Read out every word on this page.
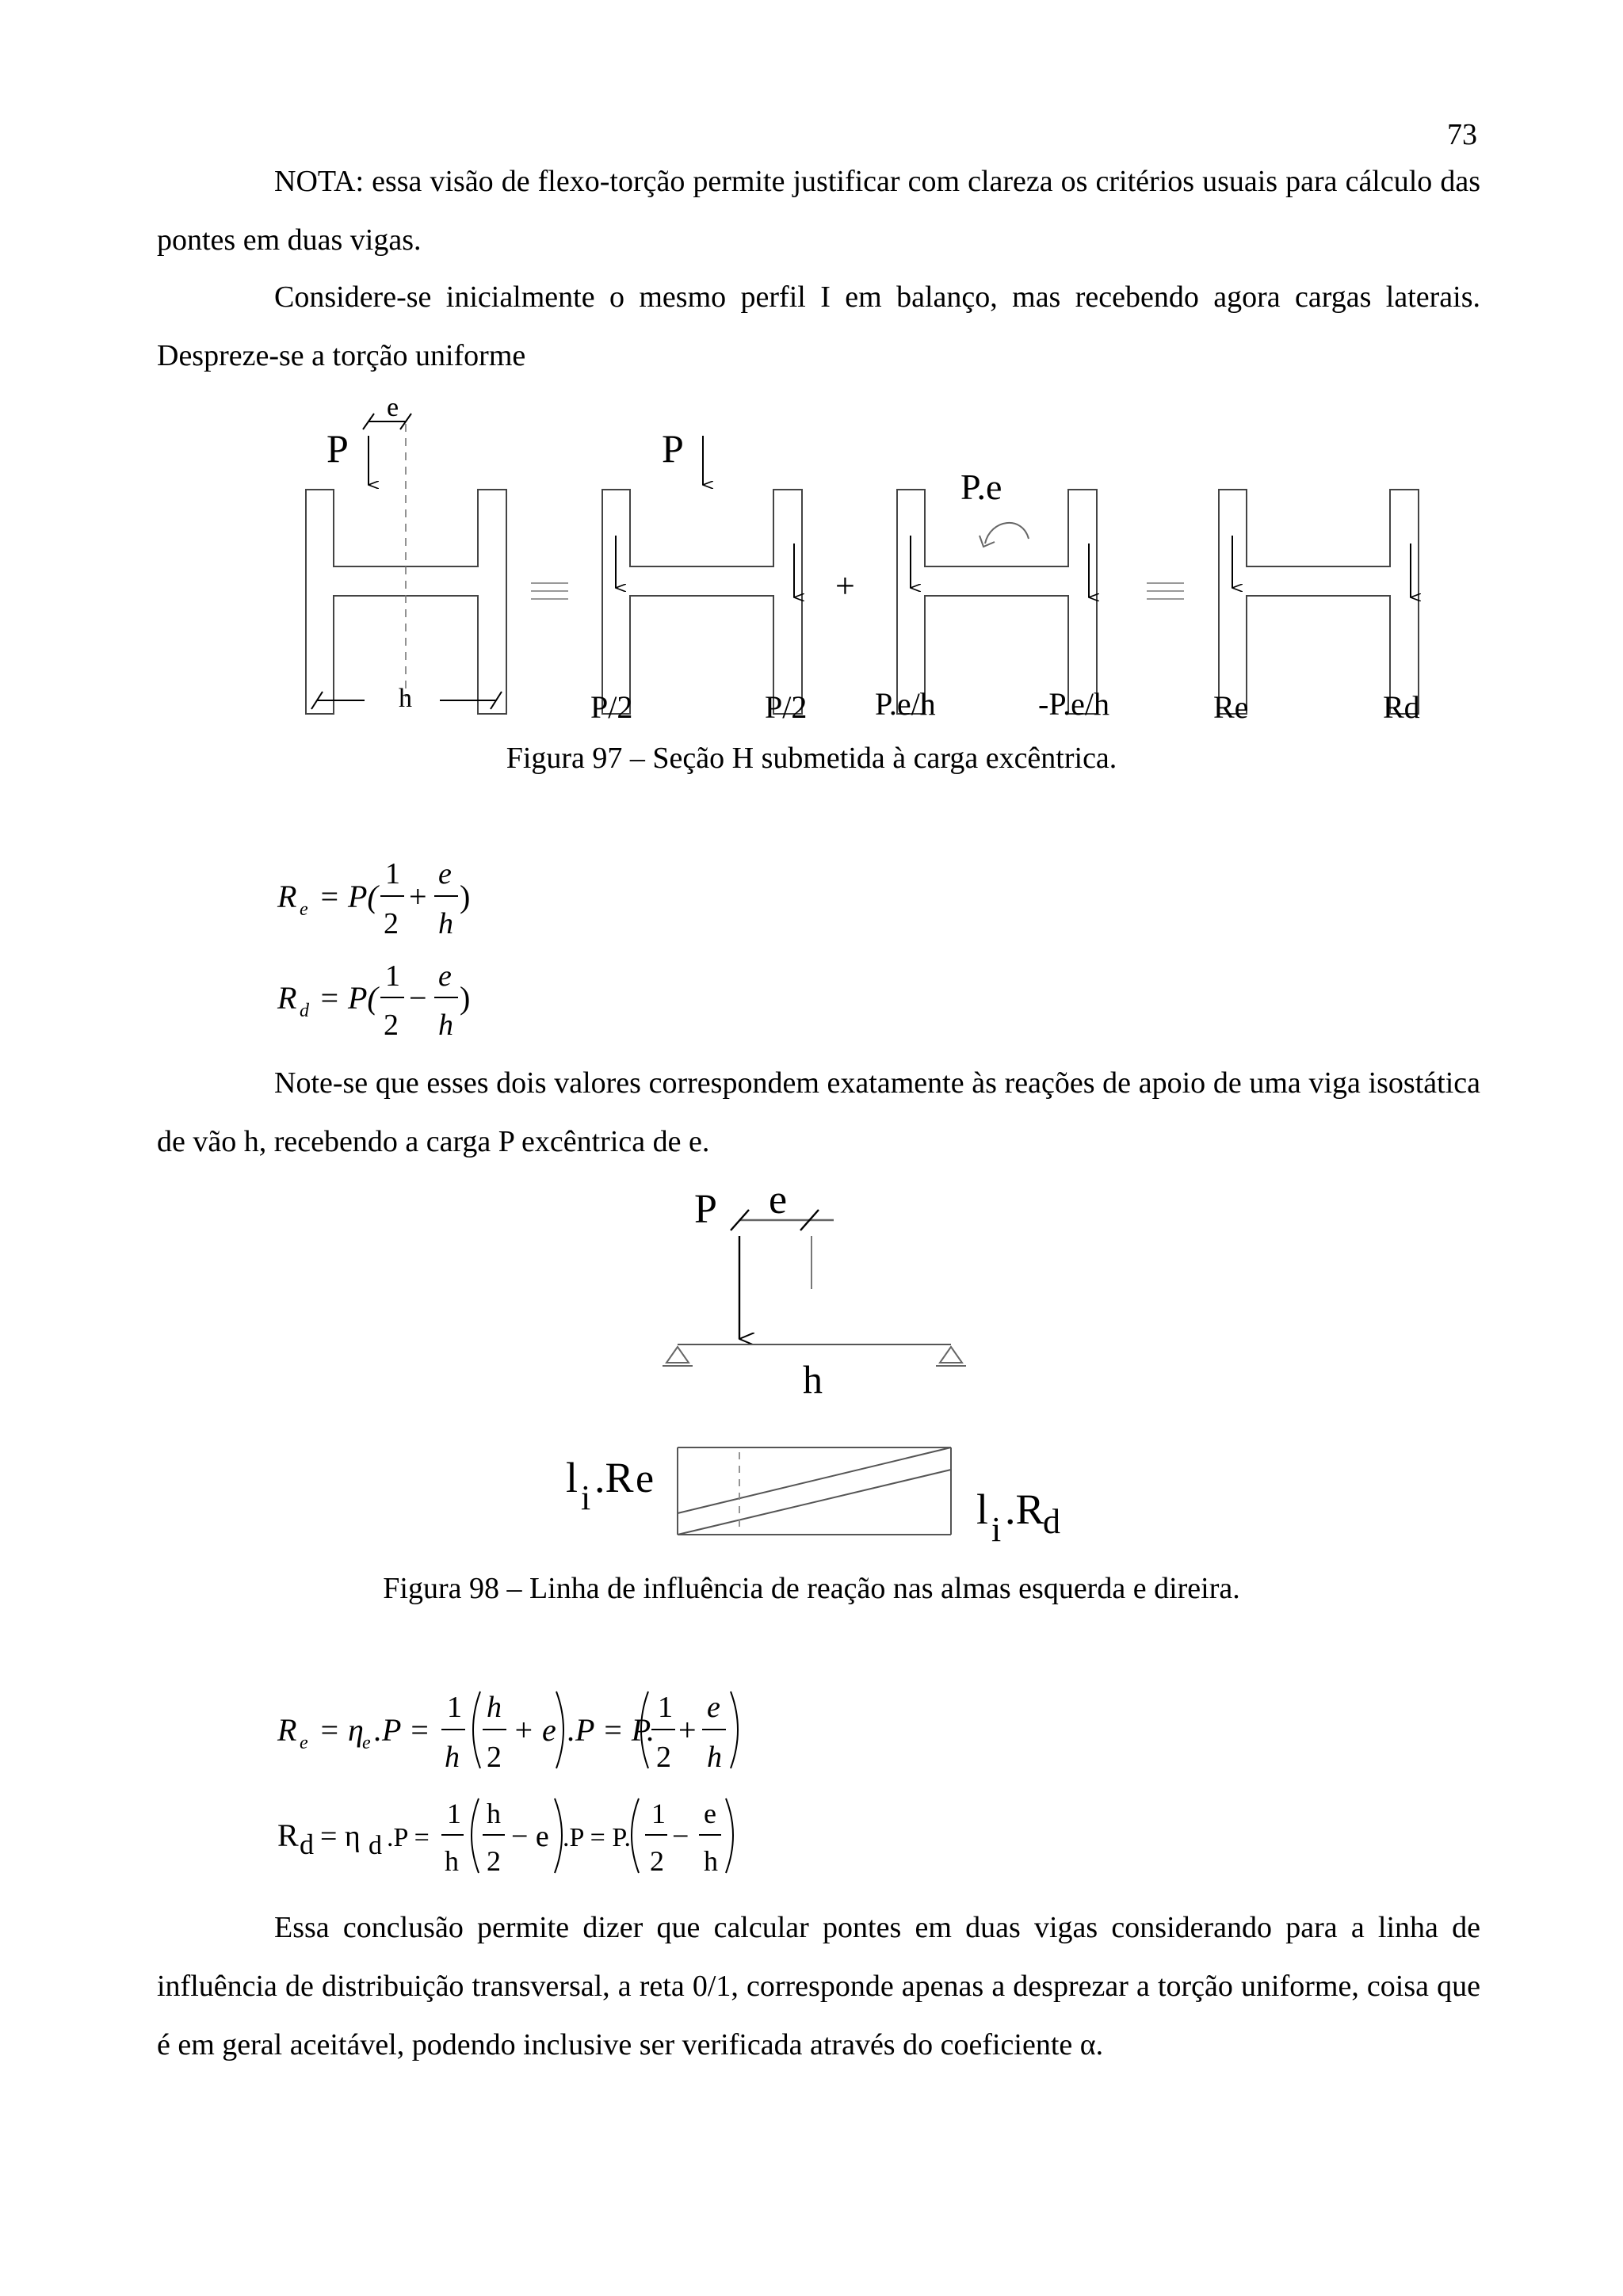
73

NOTA: essa visão de flexo-torção permite justificar com clareza os critérios usuais para cálculo das pontes em duas vigas.

Considere-se inicialmente o mesmo perfil I em balanço, mas recebendo agora cargas laterais. Despreze-se a torção uniforme

e
P	P
P.e
h
+
P/2	P/2 P.e/h	-P.e/h	Re	Rd
Figura 97 – Seção H submetida à carga excêntrica.
R e = P(
1
2
+
e
h
)
R d = P(
1
2
−
e
h
)

Note-se que esses dois valores correspondem exatamente às reações de apoio de uma viga isostática de vão h, recebendo a carga P excêntrica de e.

P e
h
l i .R e
l i .R
d
Figura 98 – Linha de influência de reação nas almas esquerda e direira.
R e = η
e .P =
1
h
h
2
+ e .P = P.
1
2
+
e
h
R d = η d .P =
1
h
h
2
− e .P = P.
1
2
−
e
h

Essa conclusão permite dizer que calcular pontes em duas vigas considerando para a linha de influência de distribuição transversal, a reta 0/1, corresponde apenas a desprezar a torção uniforme, coisa que é em geral aceitável, podendo inclusive ser verificada através do coeficiente α.
